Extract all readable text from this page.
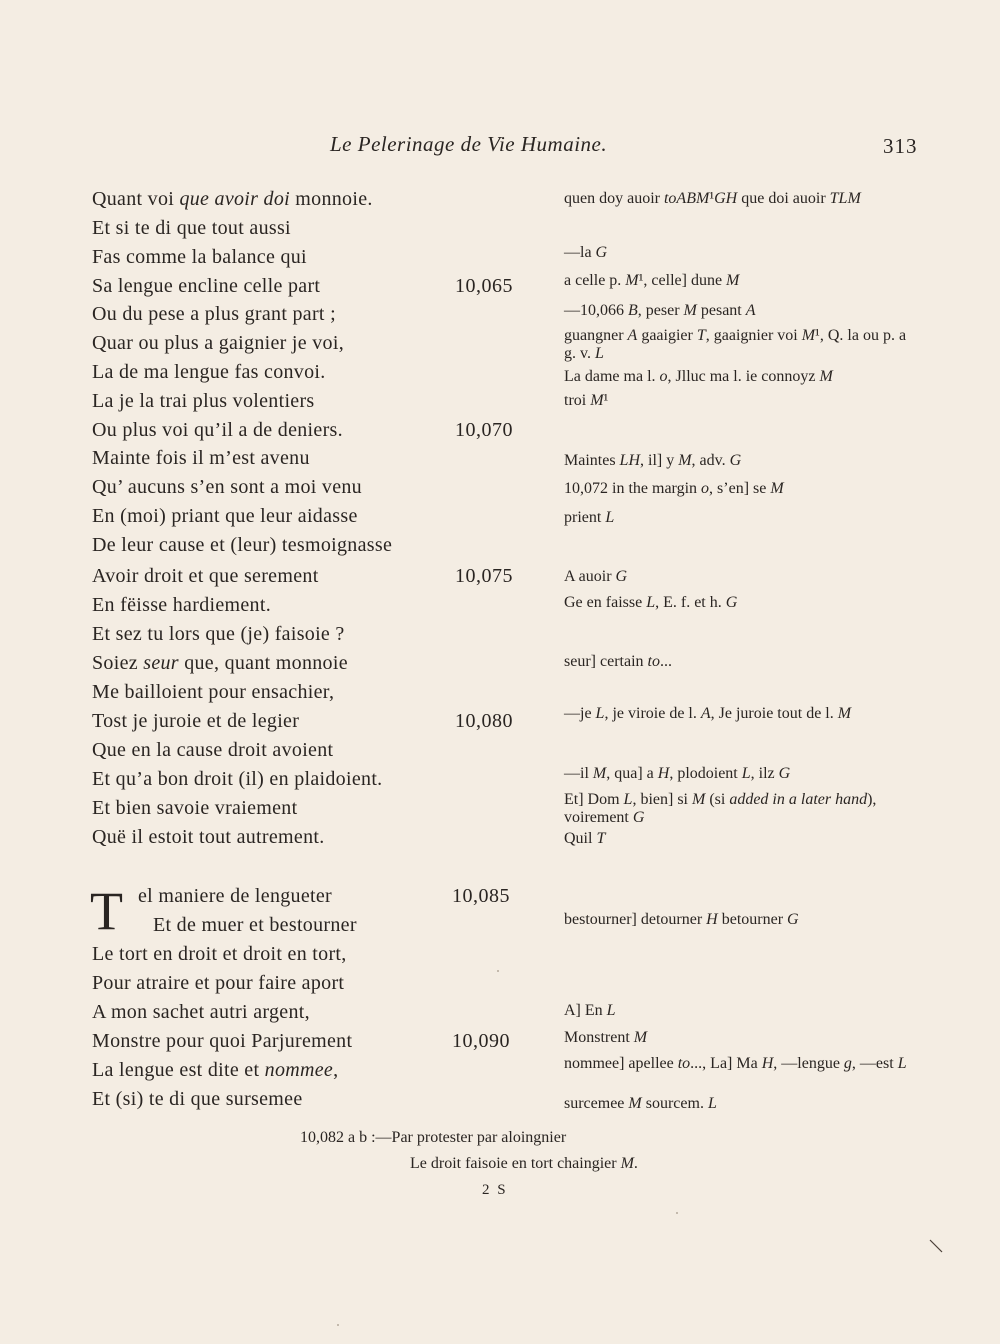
Le Pelerinage de Vie Humaine.	313
Quant voi que avoir doi monnoie.
Et si te di que tout aussi
Fas comme la balance qui
Sa lengue encline celle part
Ou du pese a plus grant part ;
Quar ou plus a gaignier je voi,
La de ma lengue fas convoi.
La je la trai plus volentiers
Ou plus voi qu’il a de deniers.
Mainte fois il m’est avenu
Qu’ aucuns s’en sont a moi venu
En (moi) priant que leur aidasse
De leur cause et (leur) tesmoignasse
Avoir droit et que serement
En fëisse hardiement.
Et sez tu lors que (je) faisoie ?
Soiez seur que, quant monnoie
Me bailloient pour ensachier,
Tost je juroie et de legier
Que en la cause droit avoient
Et qu’a bon droit (il) en plaidoient.
Et bien savoie vraiement
Quë il estoit tout autrement.
el maniere de lengueter
Et de muer et bestourner
Le tort en droit et droit en tort,
Pour atraire et pour faire aport
A mon sachet autri argent,
Monstre pour quoi Parjurement
La lengue est dite et nommee,
Et (si) te di que sursemee
T
10,065
10,070
10,075
10,080
10,085
10,090
quen doy auoir toABM¹GH que doi auoir TLM
—la G
a celle p. M¹, celle] dune M
—10,066 B, peser M pesant A
guangner A gaaigier T, gaaignier voi M¹, Q. la ou p. a g. v. L
La dame ma l. o, Jlluc ma l. ie connoyz M
troi M¹
Maintes LH, il] y M, adv. G
10,072 in the margin o, s’en] se M
prient L
A auoir G
Ge en faisse L, E. f. et h. G
seur] certain to...
—je L, je viroie de l. A, Je juroie tout de l. M
—il M, qua] a H, plodoient L, ilz G
Et] Dom L, bien] si M (si added in a later hand), voirement G
Quil T
bestourner] detourner H betourner G
A] En L
Monstrent M
nommee] apellee to..., La] Ma H, —lengue g, —est L
surcemee M sourcem. L
10,082 a b :—Par protester par aloingnier
Le droit faisoie en tort chaingier M.
2 S
